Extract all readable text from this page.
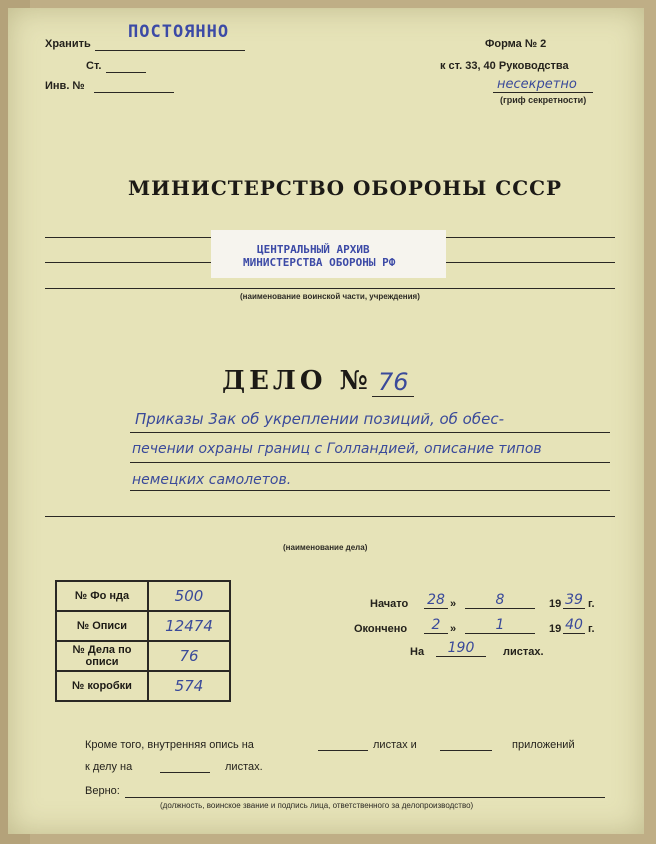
Хранить
ПОСТОЯННО
Ст.
Инв. №
Форма № 2
к ст. 33, 40 Руководства
несекретно
(гриф секретности)
МИНИСТЕРСТВО ОБОРОНЫ СССР
ЦЕНТРАЛЬНЫЙ АРХИВ
МИНИСТЕРСТВА ОБОРОНЫ РФ
(наименование воинской части, учреждения)
ДЕЛО № 76
Приказы 3ак об укреплении позиций, об обес-
печении охраны границ с Голландией, описание типов
немецких самолетов.
(наименование дела)
№ Фо нда	500
№ Описи	12474
№ Дела по описи	76
№ коробки	574
Начато 28 »	8	19 39 г.
Окончено	2 »	1	19 40 г.
На	190	листах.
Кроме того, внутренняя опись на	листах и	приложений
к делу на	листах.
Верно:
(должность, воинское звание и подпись лица, ответственного за делопроизводство)
